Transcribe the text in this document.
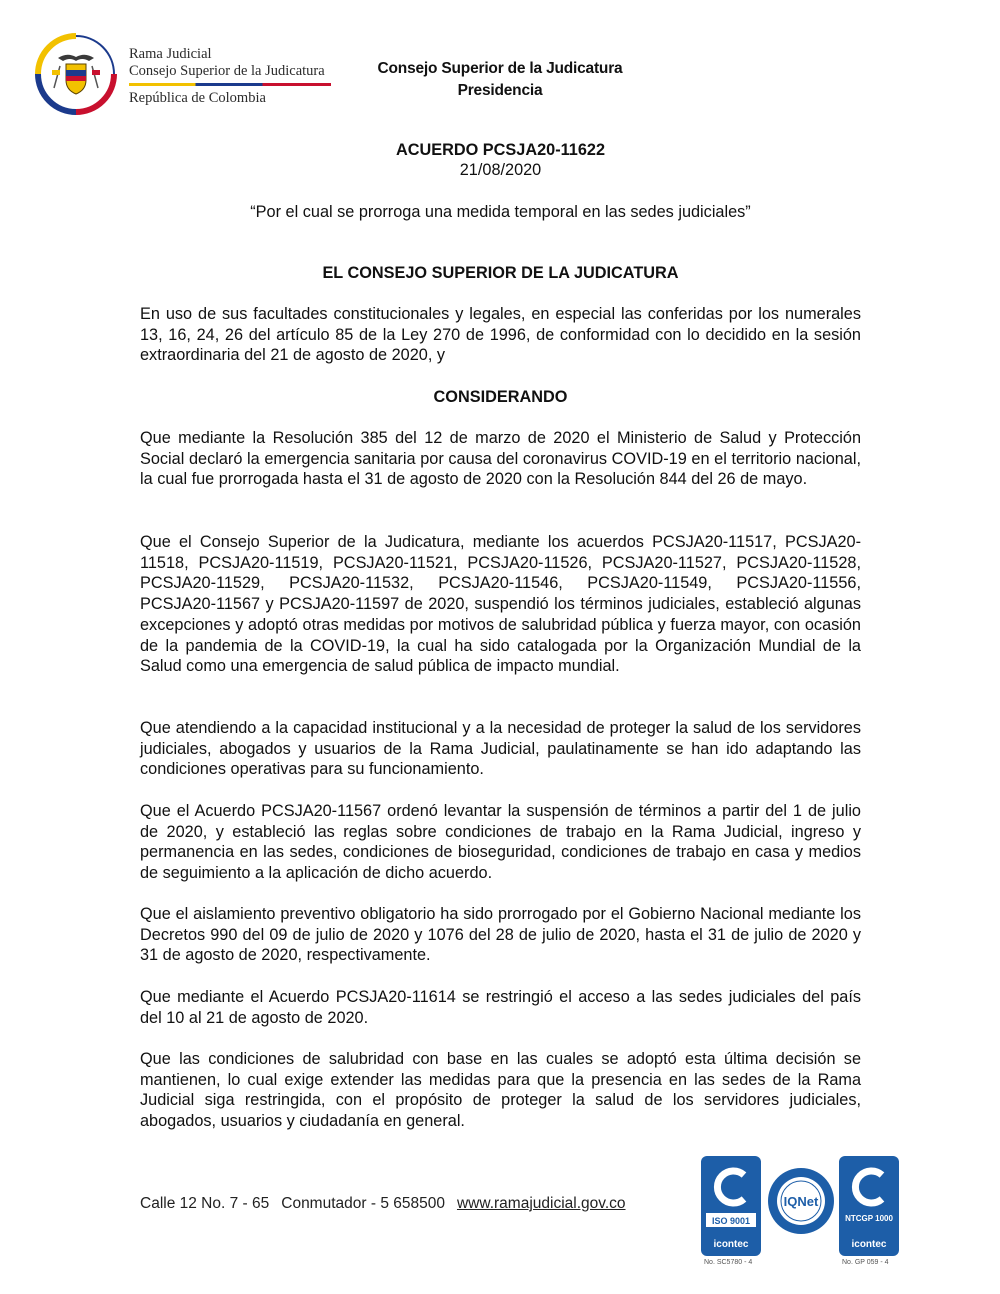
Rama Judicial
Consejo Superior de la Judicatura
República de Colombia
Consejo Superior de la Judicatura
Presidencia
ACUERDO PCSJA20-11622
21/08/2020
“Por el cual se prorroga una medida temporal en las sedes judiciales”
EL CONSEJO SUPERIOR DE LA JUDICATURA

En uso de sus facultades constitucionales y legales, en especial las conferidas por los numerales 13, 16, 24, 26 del artículo 85 de la Ley 270 de 1996, de conformidad con lo decidido en la sesión extraordinaria del 21 de agosto de 2020, y

CONSIDERANDO

Que mediante la Resolución 385 del 12 de marzo de 2020 el Ministerio de Salud y Protección Social declaró la emergencia sanitaria por causa del coronavirus COVID-19 en el territorio nacional, la cual fue prorrogada hasta el 31 de agosto de 2020 con la Resolución 844 del 26 de mayo.

Que el Consejo Superior de la Judicatura, mediante los acuerdos PCSJA20-11517, PCSJA20-11518, PCSJA20-11519, PCSJA20-11521, PCSJA20-11526, PCSJA20-11527, PCSJA20-11528, PCSJA20-11529, PCSJA20-11532, PCSJA20-11546, PCSJA20-11549, PCSJA20-11556, PCSJA20-11567 y PCSJA20-11597 de 2020, suspendió los términos judiciales, estableció algunas excepciones y adoptó otras medidas por motivos de salubridad pública y fuerza mayor, con ocasión de la pandemia de la COVID-19, la cual ha sido catalogada por la Organización Mundial de la Salud como una emergencia de salud pública de impacto mundial.

Que atendiendo a la capacidad institucional y a la necesidad de proteger la salud de los servidores judiciales, abogados y usuarios de la Rama Judicial, paulatinamente se han ido adaptando las condiciones operativas para su funcionamiento.

Que el Acuerdo PCSJA20-11567 ordenó levantar la suspensión de términos a partir del 1 de julio de 2020, y estableció las reglas sobre condiciones de trabajo en la Rama Judicial, ingreso y permanencia en las sedes, condiciones de bioseguridad, condiciones de trabajo en casa y medios de seguimiento a la aplicación de dicho acuerdo.

Que el aislamiento preventivo obligatorio ha sido prorrogado por el Gobierno Nacional mediante los Decretos 990 del 09 de julio de 2020 y 1076 del 28 de julio de 2020, hasta el 31 de julio de 2020 y 31 de agosto de 2020, respectivamente.

Que mediante el Acuerdo PCSJA20-11614 se restringió el acceso a las sedes judiciales del país del 10 al 21 de agosto de 2020.

Que las condiciones de salubridad con base en las cuales se adoptó esta última decisión se mantienen, lo cual exige extender las medidas para que la presencia en las sedes de la Rama Judicial siga restringida, con el propósito de proteger la salud de los servidores judiciales, abogados, usuarios y ciudadanía en general.

Calle 12 No. 7 - 65 Conmutador - 5 658500 www.ramajudicial.gov.co
ISO 9001
icontec
No. SC5780 - 4
IQNet
NTCGP 1000
icontec
No. GP 059 - 4
